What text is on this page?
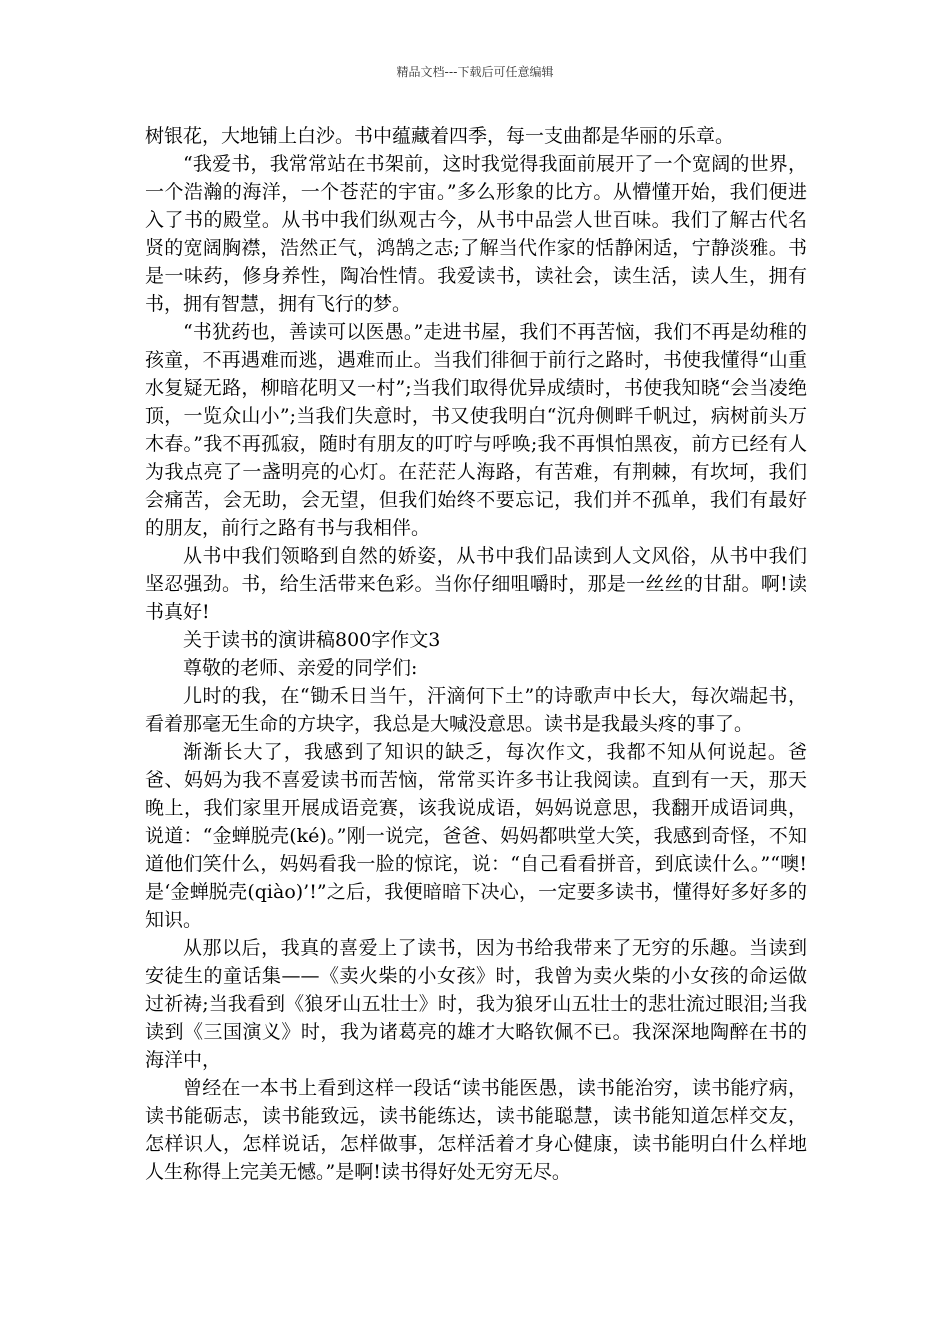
精品文档---下载后可任意编辑

树银花，大地铺上白沙。书中蕴藏着四季，每一支曲都是华丽的乐章。

“我爱书，我常常站在书架前，这时我觉得我面前展开了一个宽阔的世界，一个浩瀚的海洋，一个苍茫的宇宙。”多么形象的比方。从懵懂开始，我们便进入了书的殿堂。从书中我们纵观古今，从书中品尝人世百味。我们了解古代名贤的宽阔胸襟，浩然正气，鸿鹄之志;了解当代作家的恬静闲适，宁静淡雅。书是一味药，修身养性，陶冶性情。我爱读书，读社会，读生活，读人生，拥有书，拥有智慧，拥有飞行的梦。

“书犹药也，善读可以医愚。”走进书屋，我们不再苦恼，我们不再是幼稚的孩童，不再遇难而逃，遇难而止。当我们徘徊于前行之路时，书使我懂得“山重水复疑无路，柳暗花明又一村”;当我们取得优异成绩时，书使我知晓“会当凌绝顶，一览众山小”;当我们失意时，书又使我明白“沉舟侧畔千帆过，病树前头万木春。”我不再孤寂，随时有朋友的叮咛与呼唤;我不再惧怕黑夜，前方已经有人为我点亮了一盏明亮的心灯。在茫茫人海路，有苦难，有荆棘，有坎坷，我们会痛苦，会无助，会无望，但我们始终不要忘记，我们并不孤单，我们有最好的朋友，前行之路有书与我相伴。

从书中我们领略到自然的娇姿，从书中我们品读到人文风俗，从书中我们坚忍强劲。书，给生活带来色彩。当你仔细咀嚼时，那是一丝丝的甘甜。啊!读书真好!

关于读书的演讲稿800字作文3

尊敬的老师、亲爱的同学们:

儿时的我，在“锄禾日当午，汗滴何下土”的诗歌声中长大，每次端起书，看着那毫无生命的方块字，我总是大喊没意思。读书是我最头疼的事了。

渐渐长大了，我感到了知识的缺乏，每次作文，我都不知从何说起。爸爸、妈妈为我不喜爱读书而苦恼，常常买许多书让我阅读。直到有一天，那天晚上，我们家里开展成语竞赛，该我说成语，妈妈说意思，我翻开成语词典，说道：“金蝉脱壳(ké)。”刚一说完，爸爸、妈妈都哄堂大笑，我感到奇怪，不知道他们笑什么，妈妈看我一脸的惊诧，说：“自己看看拼音，到底读什么。”“噢!是‘金蝉脱壳(qiào)’!”之后，我便暗暗下决心，一定要多读书，懂得好多好多的知识。

从那以后，我真的喜爱上了读书，因为书给我带来了无穷的乐趣。当读到安徒生的童话集——《卖火柴的小女孩》时，我曾为卖火柴的小女孩的命运做过祈祷;当我看到《狼牙山五壮士》时，我为狼牙山五壮士的悲壮流过眼泪;当我读到《三国演义》时，我为诸葛亮的雄才大略钦佩不已。我深深地陶醉在书的海洋中，

曾经在一本书上看到这样一段话“读书能医愚，读书能治穷，读书能疗病，读书能砺志，读书能致远，读书能练达，读书能聪慧，读书能知道怎样交友，怎样识人，怎样说话，怎样做事，怎样活着才身心健康，读书能明白什么样地人生称得上完美无憾。”是啊!读书得好处无穷无尽。
